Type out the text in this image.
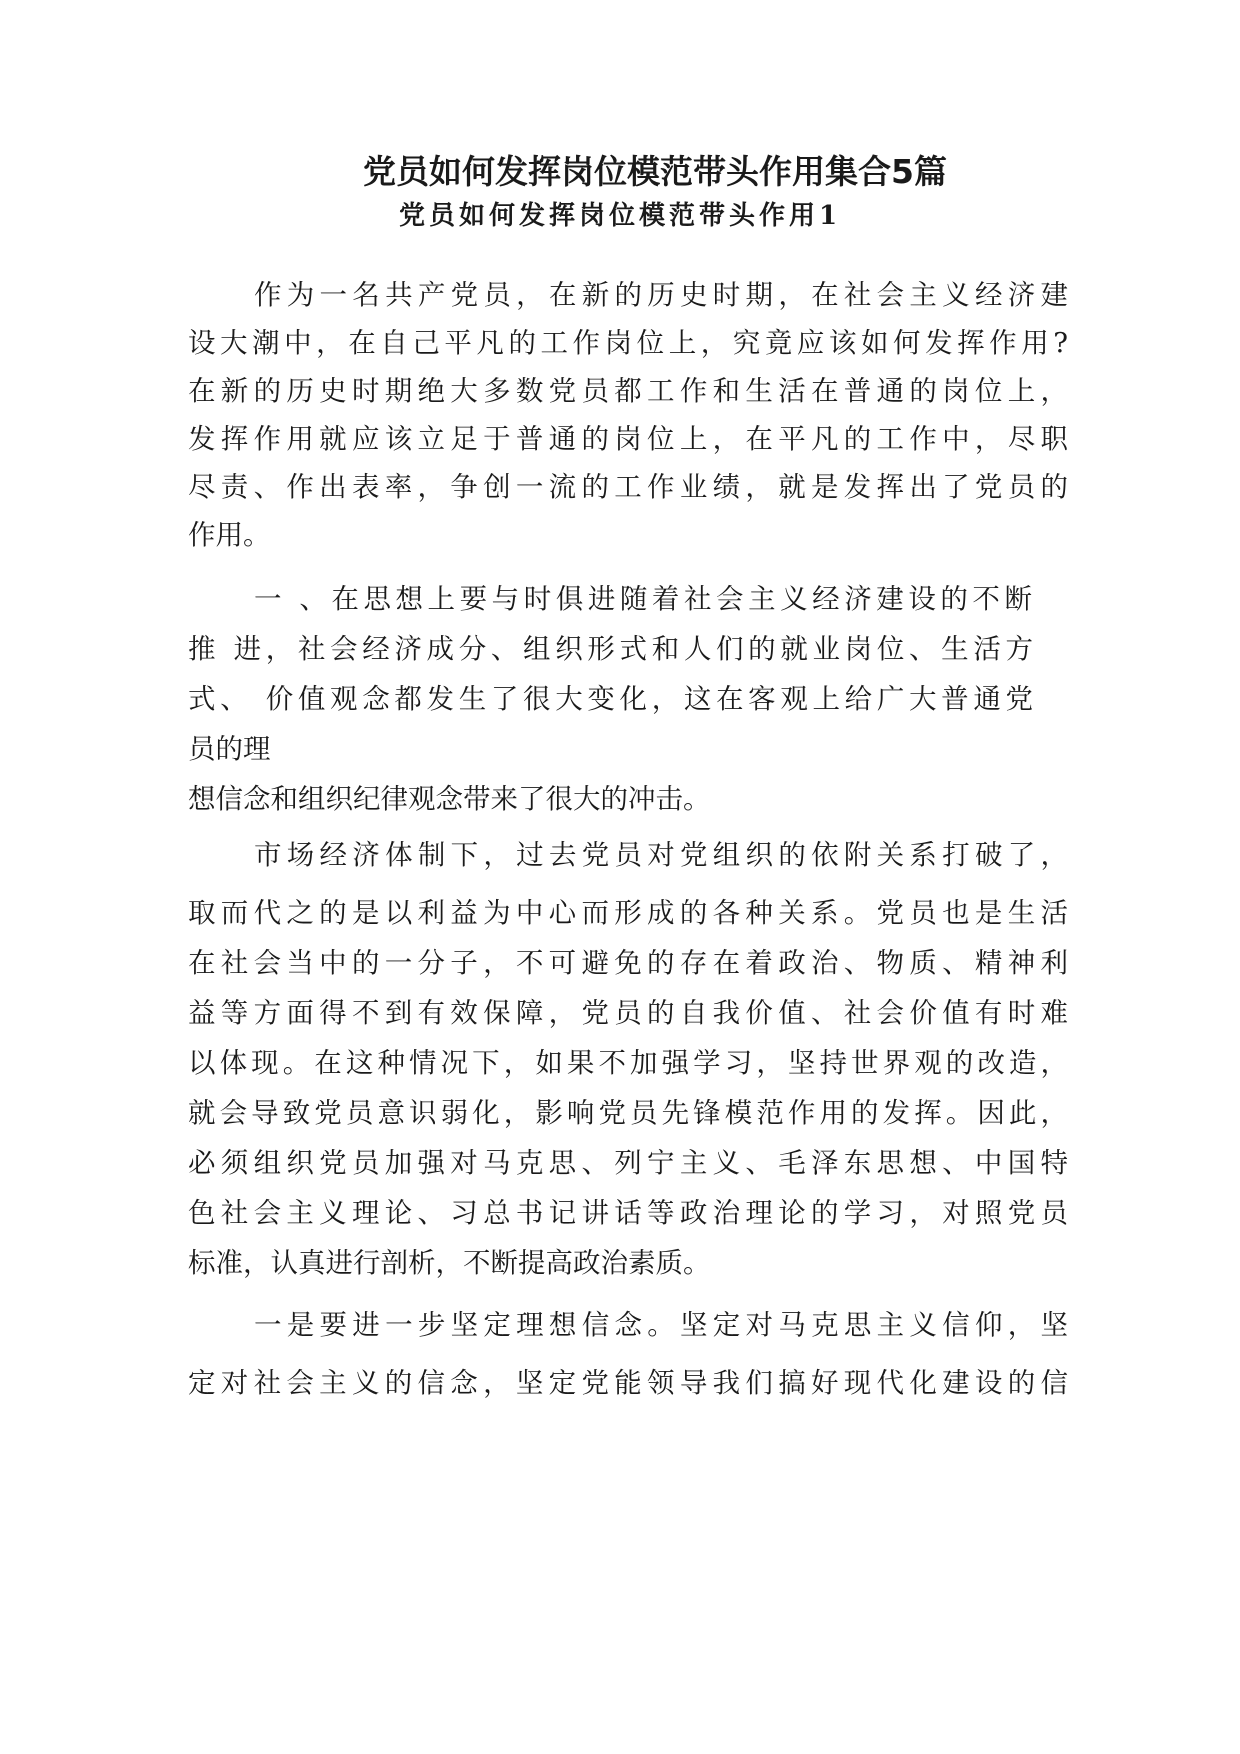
党员如何发挥岗位模范带头作用集合5篇
党员如何发挥岗位模范带头作用1
作为一名共产党员，在新的历史时期，在社会主义经济建
设大潮中，在自己平凡的工作岗位上，究竟应该如何发挥作用?
在新的历史时期绝大多数党员都工作和生活在普通的岗位上，
发挥作用就应该立足于普通的岗位上，在平凡的工作中，尽职
尽责、作出表率，争创一流的工作业绩，就是发挥出了党员的
作用。
一 、在思想上要与时俱进随着社会主义经济建设的不断
推 进，社会经济成分、组织形式和人们的就业岗位、生活方
式、 价值观念都发生了很大变化，这在客观上给广大普通党
员的理
想信念和组织纪律观念带来了很大的冲击。
市场经济体制下，过去党员对党组织的依附关系打破了，
取而代之的是以利益为中心而形成的各种关系。党员也是生活
在社会当中的一分子，不可避免的存在着政治、物质、精神利
益等方面得不到有效保障，党员的自我价值、社会价值有时难
以体现。在这种情况下，如果不加强学习，坚持世界观的改造，
就会导致党员意识弱化，影响党员先锋模范作用的发挥。因此，
必须组织党员加强对马克思、列宁主义、毛泽东思想、中国特
色社会主义理论、习总书记讲话等政治理论的学习，对照党员
标准，认真进行剖析，不断提高政治素质。
一是要进一步坚定理想信念。坚定对马克思主义信仰，坚
定对社会主义的信念，坚定党能领导我们搞好现代化建设的信
